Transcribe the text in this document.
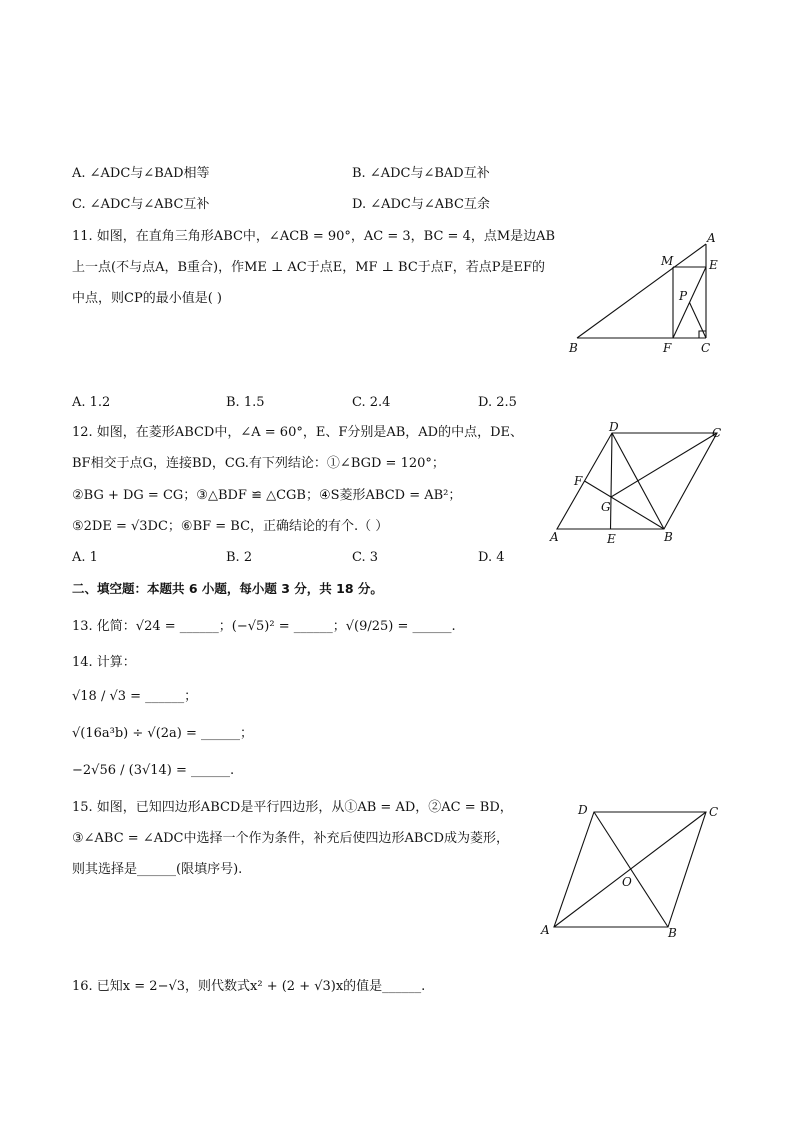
A. ∠ADC与∠BAD相等	B. ∠ADC与∠BAD互补
C. ∠ADC与∠ABC互补	D. ∠ADC与∠ABC互余
11. 如图，在直角三角形ABC中，∠ACB = 90°，AC = 3，BC = 4，点M是边AB
上一点(不与点A，B重合)，作ME ⊥ AC于点E，MF ⊥ BC于点F，若点P是EF的
中点，则CP的最小值是( )
A
M	E
P
B	F C
A. 1.2	B. 1.5	C. 2.4	D. 2.5
12. 如图，在菱形ABCD中，∠A = 60°，E、F分别是AB，AD的中点，DE、
BF相交于点G，连接BD，CG.有下列结论：①∠BGD = 120°；
②BG + DG = CG；③△BDF ≌ △CGB；④S菱形ABCD = AB²；
⑤2DE = √3DC；⑥BF = BC，正确结论的有个.（ ）
D	C
F
G
A	E	B
A. 1	B. 2	C. 3	D. 4
二、填空题：本题共 6 小题，每小题 3 分，共 18 分。
13. 化简：√24 = ______；(−√5)² = ______；√(9/25) = ______.
14. 计算：
√18 / √3 = ______；
√(16a³b) ÷ √(2a) = ______；
−2√56 / (3√14) = ______.
15. 如图，已知四边形ABCD是平行四边形，从①AB = AD，②AC = BD，
③∠ABC = ∠ADC中选择一个作为条件，补充后使四边形ABCD成为菱形，
则其选择是______(限填序号).
D	C
O
A	B
16. 已知x = 2−√3，则代数式x² + (2 + √3)x的值是______.
